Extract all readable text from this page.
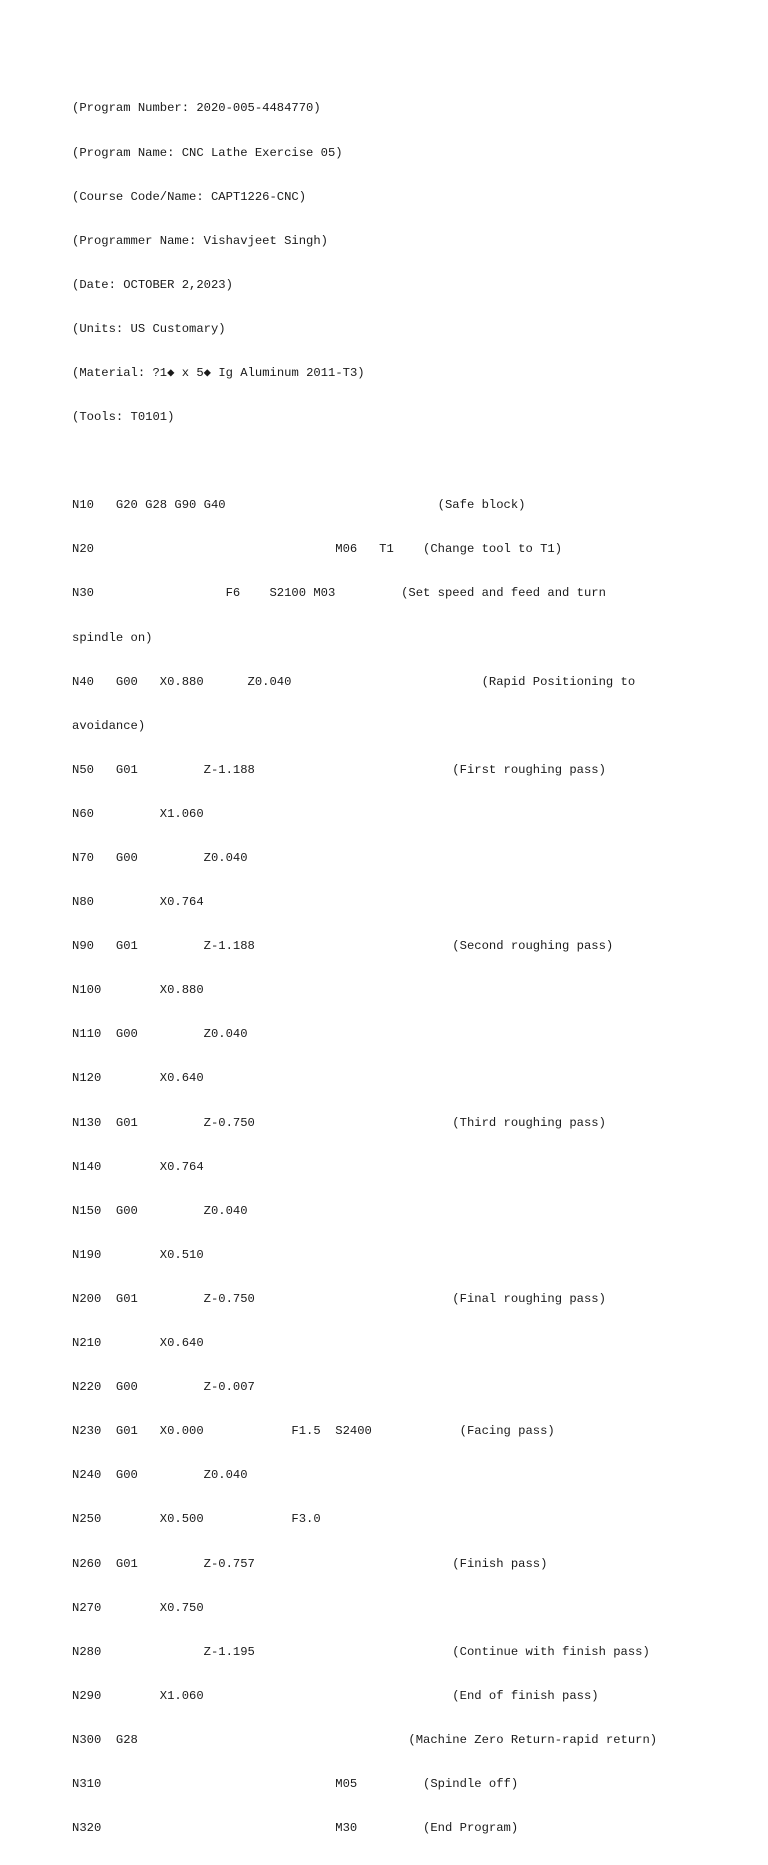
(Program Number: 2020-005-4484770)

(Program Name: CNC Lathe Exercise 05)

(Course Code/Name: CAPT1226-CNC)

(Programmer Name: Vishavjeet Singh)

(Date: OCTOBER 2,2023)

(Units: US Customary)

(Material: ?1◆ x 5◆ Ig Aluminum 2011-T3)

(Tools: T0101)

N10   G20 G28 G90 G40                             (Safe block)

N20                                 M06   T1    (Change tool to T1)

N30                  F6    S2100 M03         (Set speed and feed and turn

spindle on)

N40   G00   X0.880      Z0.040                          (Rapid Positioning to

avoidance)

N50   G01         Z-1.188                           (First roughing pass)

N60         X1.060

N70   G00         Z0.040

N80         X0.764

N90   G01         Z-1.188                           (Second roughing pass)

N100        X0.880

N110  G00         Z0.040

N120        X0.640

N130  G01         Z-0.750                           (Third roughing pass)

N140        X0.764

N150  G00         Z0.040

N190        X0.510

N200  G01         Z-0.750                           (Final roughing pass)

N210        X0.640

N220  G00         Z-0.007

N230  G01   X0.000            F1.5  S2400            (Facing pass)

N240  G00         Z0.040

N250        X0.500            F3.0

N260  G01         Z-0.757                           (Finish pass)

N270        X0.750

N280              Z-1.195                           (Continue with finish pass)

N290        X1.060                                  (End of finish pass)

N300  G28                                     (Machine Zero Return-rapid return)

N310                                M05         (Spindle off)

N320                                M30         (End Program)
